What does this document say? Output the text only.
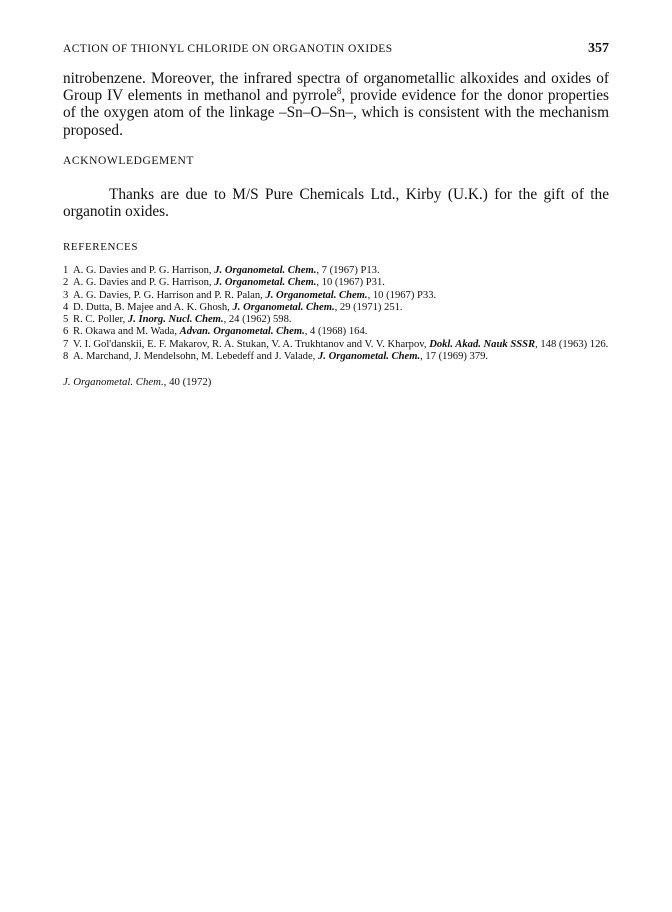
ACTION OF THIONYL CHLORIDE ON ORGANOTIN OXIDES	357

nitrobenzene. Moreover, the infrared spectra of organometallic alkoxides and oxides of Group IV elements in methanol and pyrrole$^8$, provide evidence for the donor properties of the oxygen atom of the linkage –Sn–O–Sn–, which is consistent with the mechanism proposed.

ACKNOWLEDGEMENT

Thanks are due to M/S Pure Chemicals Ltd., Kirby (U.K.) for the gift of the organotin oxides.

REFERENCES
1 A. G. Davies and P. G. Harrison, J. Organometal. Chem., 7 (1967) P13.
2 A. G. Davies and P. G. Harrison, J. Organometal. Chem., 10 (1967) P31.
3 A. G. Davies, P. G. Harrison and P. R. Palan, J. Organometal. Chem., 10 (1967) P33.
4 D. Dutta, B. Majee and A. K. Ghosh, J. Organometal. Chem., 29 (1971) 251.
5 R. C. Poller, J. Inorg. Nucl. Chem., 24 (1962) 598.
6 R. Okawa and M. Wada, Advan. Organometal. Chem., 4 (1968) 164.
7 V. I. Gol'danskii, E. F. Makarov, R. A. Stukan, V. A. Trukhtanov and V. V. Kharpov, Dokl. Akad. Nauk SSSR, 148 (1963) 126.
8 A. Marchand, J. Mendelsohn, M. Lebedeff and J. Valade, J. Organometal. Chem., 17 (1969) 379.
J. Organometal. Chem., 40 (1972)
